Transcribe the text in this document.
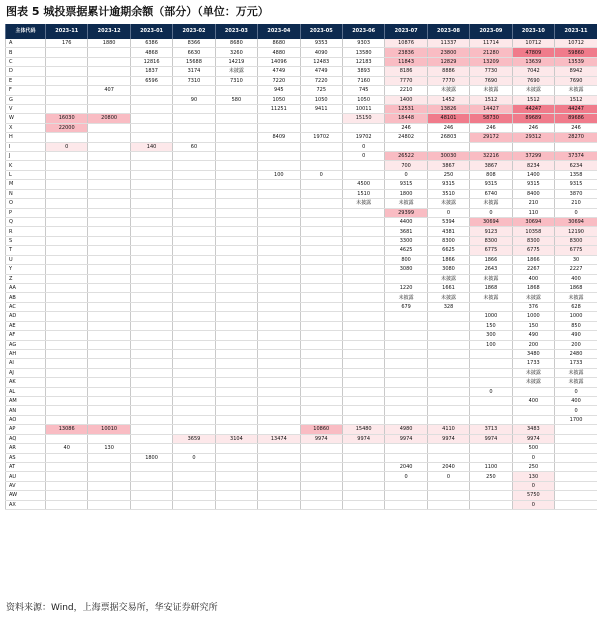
图表 5 城投票据累计逾期余额（部分）（单位：万元）
主体代码	2023-11	2023-12	2023-01	2023-02	2023-03	2023-04	2023-05	2023-06	2023-07	2023-08	2023-09	2023-10	2023-11
A	176	1880	6386	8366	8680	8680	9353	9303	10876	11337	11714	10712	10712
B			4868	6630	3260	4880	4090	13580	23836	23800	21280	47809	59860
C			12816	15688	14219	14096	12483	12183	11843	12829	13209	13639	13539
D			1837	3174	未披露	4749	4749	3893	8186	8886	7730	7042	8942
E			6596	7310	7310	7220	7220	7160	7770	7770	7690	7690	7690
F		407				945	725	745	2210	未披露	未披露	未披露	未披露
G				90	580	1050	1050	1050	1400	1452	1512	1512	1512
V						11251	9411	10011	12531	13826	14427	44247	44247
W	16030	20800						15150	18448	48101	58730	89689	89686
X	22000								246	246	246	246	246
H						8409	19702	19702	24802	26803	29172	29312	28270
I	0		140	60				0					
J								0	26522	30030	32216	37299	37374
K									700	3867	3867	8234	6234
L						100	0		0	250	808	1400	1358
M								4500	9315	9315	9315	9315	9315
N								1510	1800	3510	6740	8400	3870
O								未披露	未披露	未披露	未披露	210	210
P									29399	0	0	110	0
Q									4400	5394	30694	30694	30694
R									3681	4381	9123	10358	12190
S									3300	8300	8300	8300	8300
T									4625	6625	6775	6775	6775
U									800	1866	1866	1866	30
Y									3080	3080	2643	2267	2227
Z										未披露	未披露	400	400
AA									1220	1661	1868	1868	1868
AB									未披露	未披露	未披露	未披露	未披露
AC									679	328		376	628
AD											1000	1000	1000
AE											150	150	850
AF											300	490	490
AG											100	200	200
AH												3480	2480
AI												1733	1733
AJ												未披露	未披露
AK												未披露	未披露
AL											0		0
AM												400	400
AN													0
AO													1700
AP	13086	10010					10860	15480	4980	4110	3713	3483	
AQ				3659	3104	13474	9974	9974	9974	9974	9974	9974	
AR	40	130										500	
AS			1800	0								0	
AT									2040	2040	1100	250	
AU									0	0	250	130	
AV												0	
AW												5750	
AX												0	
资料来源：Wind，上海票据交易所，华安证券研究所
